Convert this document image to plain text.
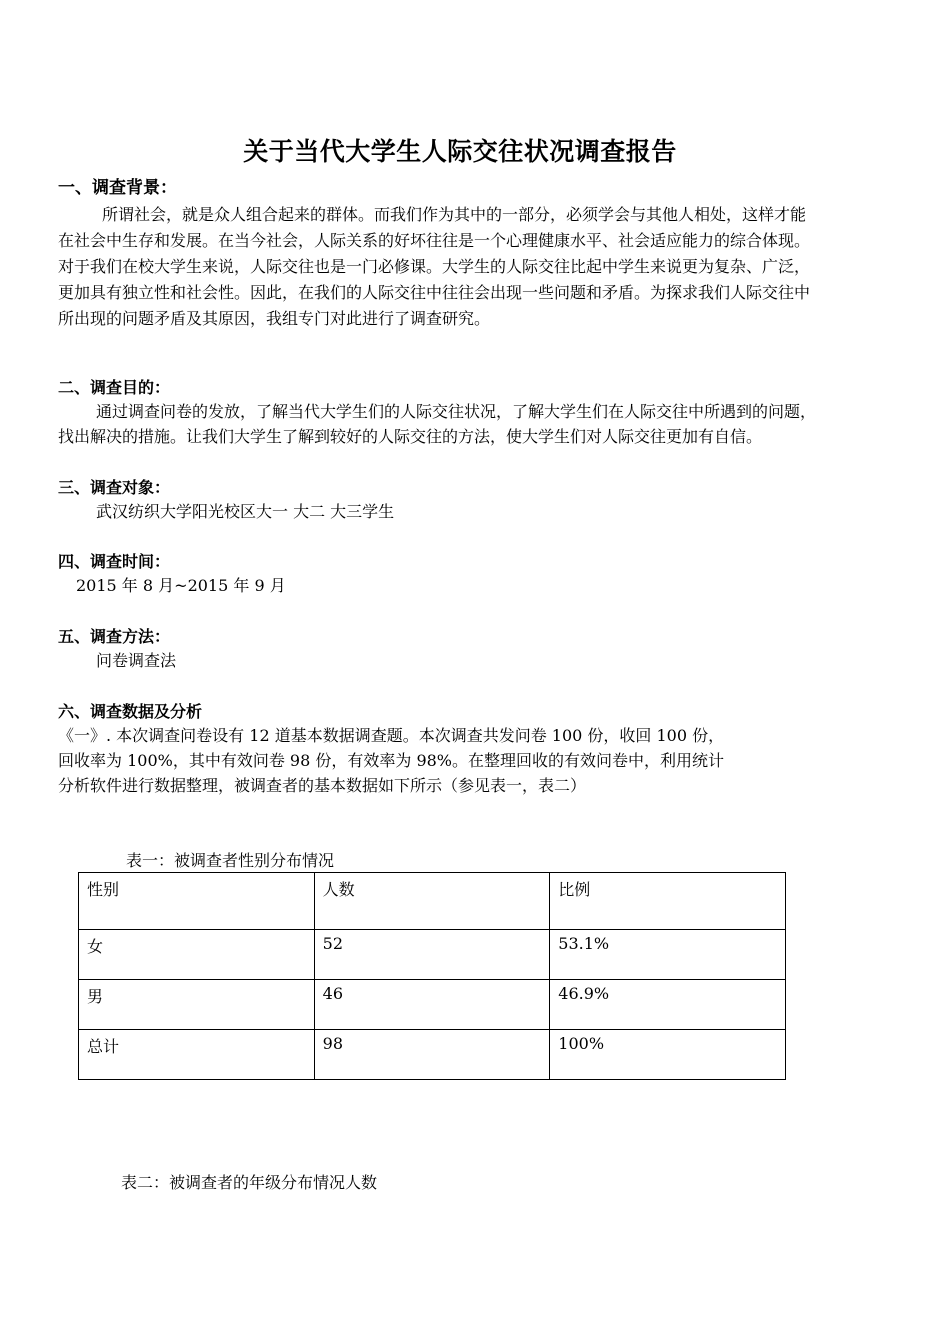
关于当代大学生人际交往状况调查报告
一、调查背景：
所谓社会，就是众人组合起来的群体。而我们作为其中的一部分，必须学会与其他人相处，这样才能在社会中生存和发展。在当今社会，人际关系的好坏往往是一个心理健康水平、社会适应能力的综合体现。对于我们在校大学生来说，人际交往也是一门必修课。大学生的人际交往比起中学生来说更为复杂、广泛，更加具有独立性和社会性。因此，在我们的人际交往中往往会出现一些问题和矛盾。为探求我们人际交往中所出现的问题矛盾及其原因，我组专门对此进行了调查研究。
二、调查目的：
通过调查问卷的发放，了解当代大学生们的人际交往状况，了解大学生们在人际交往中所遇到的问题，
找出解决的措施。让我们大学生了解到较好的人际交往的方法，使大学生们对人际交往更加有自信。
三、调查对象：
武汉纺织大学阳光校区大一 大二 大三学生
四、调查时间：
2015 年 8 月~2015 年 9 月
五、调查方法：
问卷调查法
六、调查数据及分析
《一》. 本次调查问卷设有 12 道基本数据调查题。本次调查共发问卷 100 份，收回 100 份，
回收率为 100%，其中有效问卷 98 份，有效率为 98%。在整理回收的有效问卷中，利用统计
分析软件进行数据整理，被调查者的基本数据如下所示（参见表一，表二）
表一：被调查者性别分布情况
性别	人数	比例
女	52	53.1%
男	46	46.9%
总计	98	100%
表二：被调查者的年级分布情况人数
